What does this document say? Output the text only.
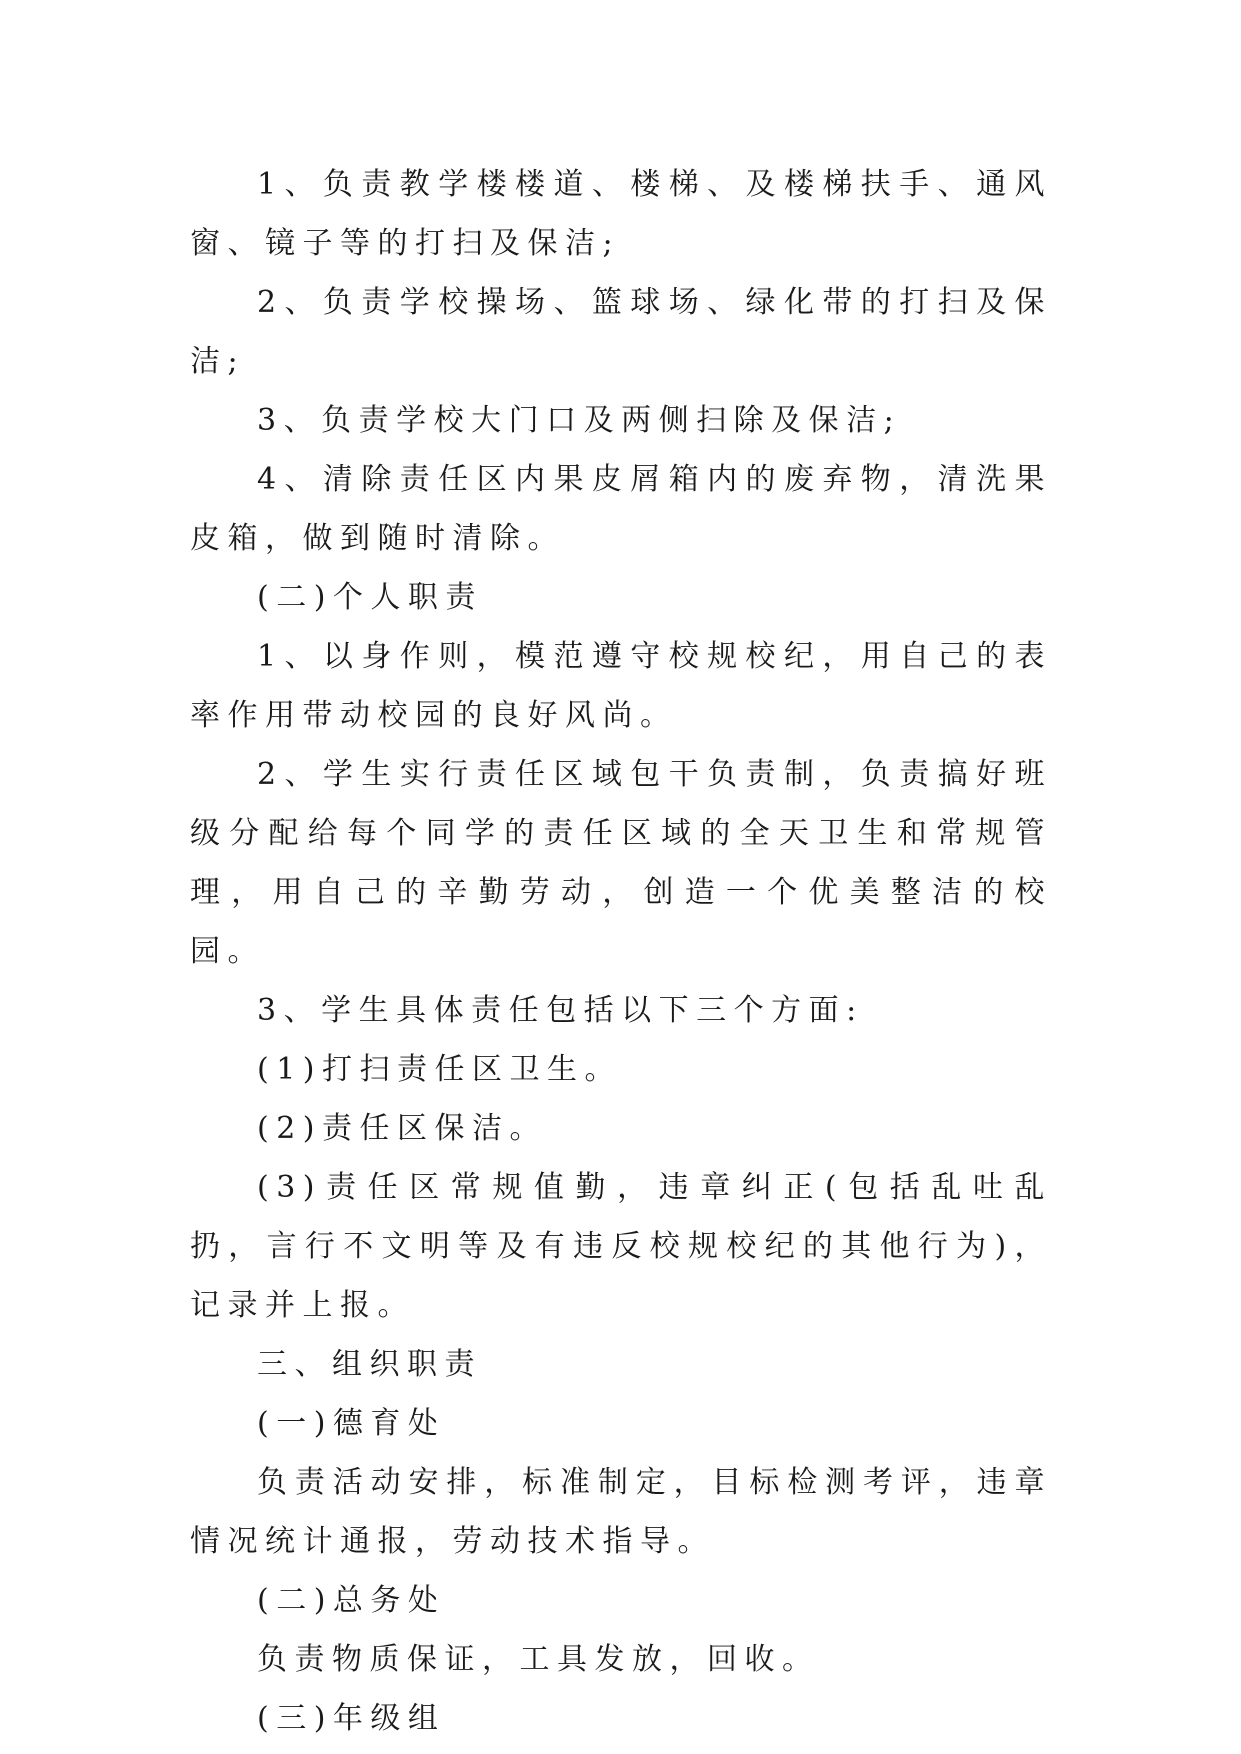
1、负责教学楼楼道、楼梯、及楼梯扶手、通风窗、镜子等的打扫及保洁;

2、负责学校操场、篮球场、绿化带的打扫及保洁;

3、负责学校大门口及两侧扫除及保洁;

4、清除责任区内果皮屑箱内的废弃物，清洗果皮箱，做到随时清除。

(二)个人职责

1、以身作则，模范遵守校规校纪，用自己的表率作用带动校园的良好风尚。

2、学生实行责任区域包干负责制，负责搞好班级分配给每个同学的责任区域的全天卫生和常规管理，用自己的辛勤劳动，创造一个优美整洁的校园。

3、学生具体责任包括以下三个方面:

(1)打扫责任区卫生。

(2)责任区保洁。

(3)责任区常规值勤，违章纠正(包括乱吐乱扔，言行不文明等及有违反校规校纪的其他行为)，记录并上报。

三、组织职责

(一)德育处

负责活动安排，标准制定，目标检测考评，违章情况统计通报，劳动技术指导。

(二)总务处

负责物质保证，工具发放，回收。

(三)年级组
